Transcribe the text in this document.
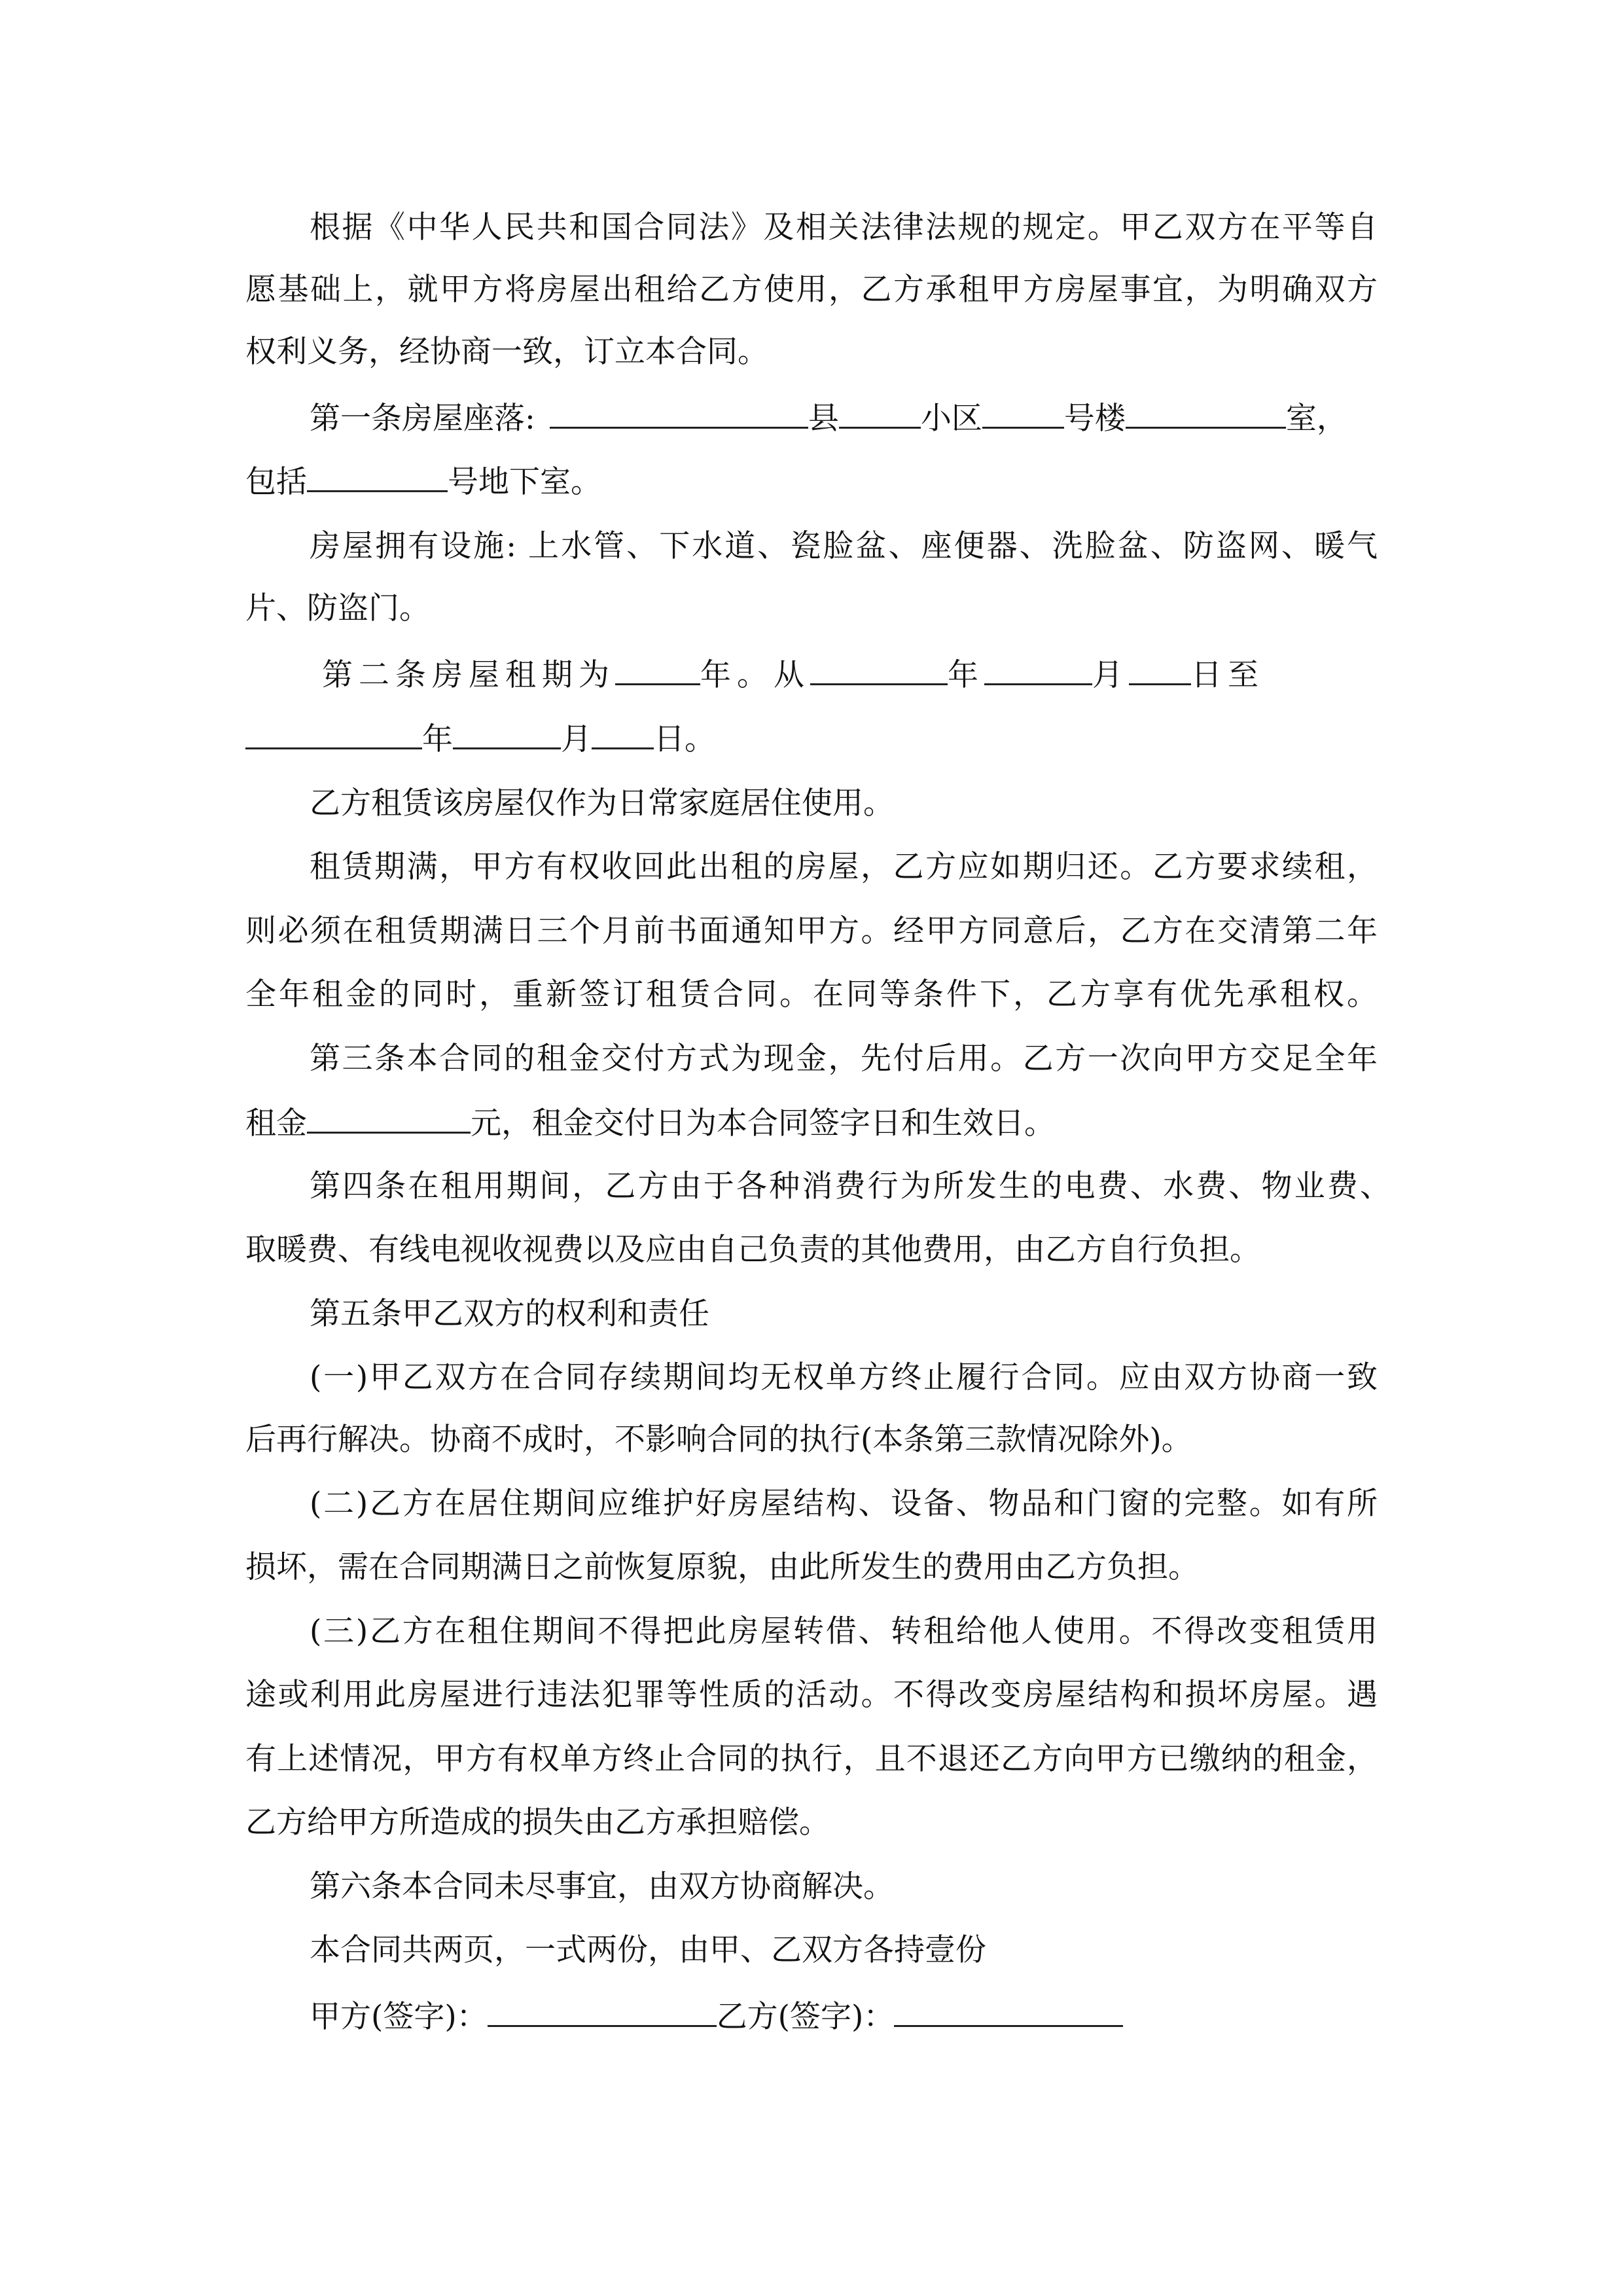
根据《中华人民共和国合同法》及相关法律法规的规定。甲乙双方在平等自
愿基础上，就甲方将房屋出租给乙方使用，乙方承租甲方房屋事宜，为明确双方
权利义务，经协商一致，订立本合同。
第一条房屋座落:	县	小区	号楼	室，
包括	号地下室。
房屋拥有设施: 上水管、下水道、瓷脸盆、座便器、洗脸盆、防盗网、暖气
片、防盗门。
第二条房屋租期为	年。从	年	月 日至
年	月 日。
乙方租赁该房屋仅作为日常家庭居住使用。
租赁期满，甲方有权收回此出租的房屋，乙方应如期归还。乙方要求续租，
则必须在租赁期满日三个月前书面通知甲方。经甲方同意后，乙方在交清第二年
全年租金的同时，重新签订租赁合同。在同等条件下，乙方享有优先承租权。
第三条本合同的租金交付方式为现金，先付后用。乙方一次向甲方交足全年
租金	元，租金交付日为本合同签字日和生效日。
第四条在租用期间，乙方由于各种消费行为所发生的电费、水费、物业费、
取暖费、有线电视收视费以及应由自己负责的其他费用，由乙方自行负担。
第五条甲乙双方的权利和责任
(一)甲乙双方在合同存续期间均无权单方终止履行合同。应由双方协商一致
后再行解决。协商不成时，不影响合同的执行(本条第三款情况除外)。
(二)乙方在居住期间应维护好房屋结构、设备、物品和门窗的完整。如有所
损坏，需在合同期满日之前恢复原貌，由此所发生的费用由乙方负担。
(三)乙方在租住期间不得把此房屋转借、转租给他人使用。不得改变租赁用
途或利用此房屋进行违法犯罪等性质的活动。不得改变房屋结构和损坏房屋。遇
有上述情况，甲方有权单方终止合同的执行，且不退还乙方向甲方已缴纳的租金，
乙方给甲方所造成的损失由乙方承担赔偿。
第六条本合同未尽事宜，由双方协商解决。
本合同共两页，一式两份，由甲、乙双方各持壹份
甲方(签字)：	乙方(签字)：
